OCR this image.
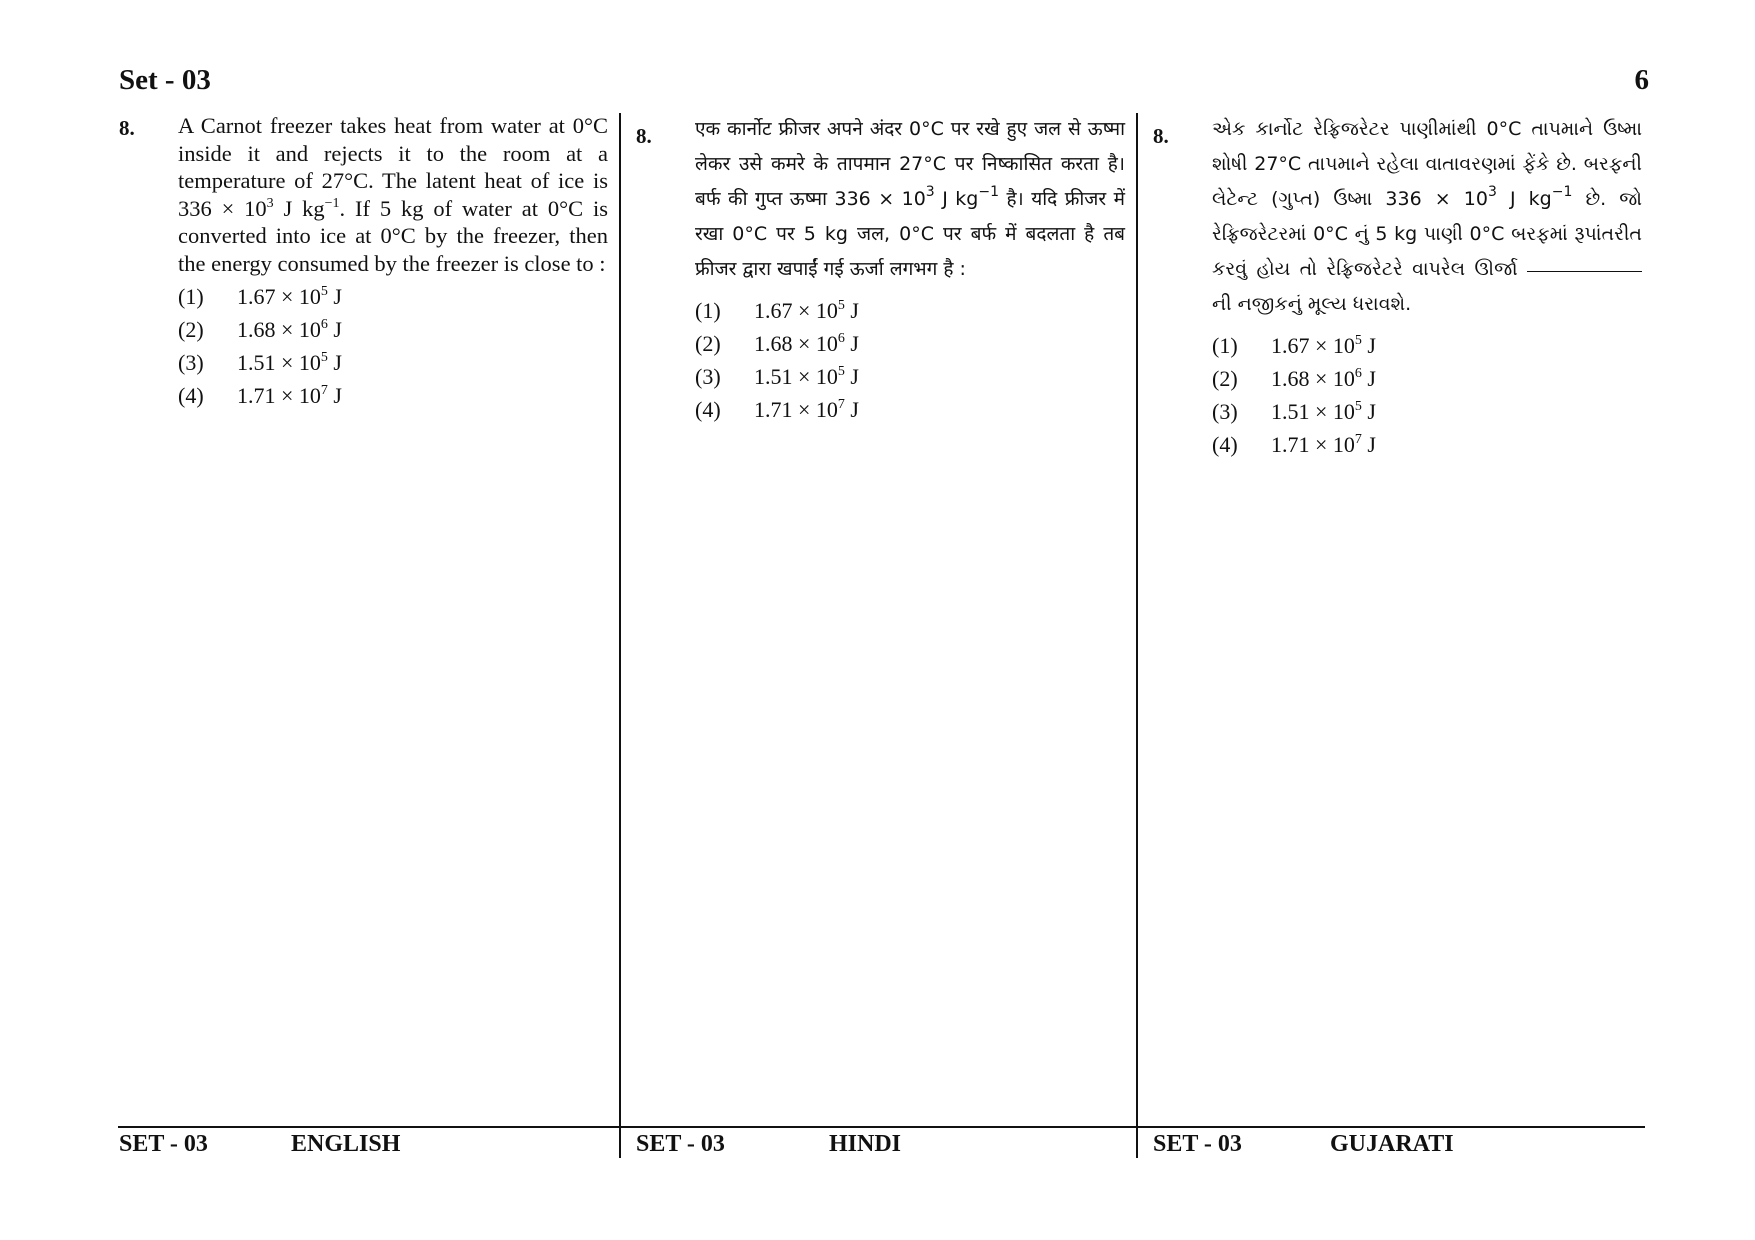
Set - 03	6
8. A Carnot freezer takes heat from water at 0°C inside it and rejects it to the room at a temperature of 27°C. The latent heat of ice is $336 \times 10^3$ J $kg^{-1}$. If 5 kg of water at 0°C is converted into ice at 0°C by the freezer, then the energy consumed by the freezer is close to :
(1)	$1.67 \times 10^5$ J
(2)	$1.68 \times 10^6$ J
(3)	$1.51 \times 10^5$ J
(4)	$1.71 \times 10^7$ J
8. एक कार्नोट फ्रीजर अपने अंदर 0°C पर रखे हुए जल से ऊष्मा लेकर उसे कमरे के तापमान 27°C पर निष्कासित करता है। बर्फ की गुप्त ऊष्मा $336 \times 10^3$ J $kg^{-1}$ है। यदि फ्रीजर में रखा 0°C पर 5 kg जल, 0°C पर बर्फ में बदलता है तब फ्रीजर द्वारा खपाईं गई ऊर्जा लगभग है :
(1)	$1.67 \times 10^5$ J
(2)	$1.68 \times 10^6$ J
(3)	$1.51 \times 10^5$ J
(4)	$1.71 \times 10^7$ J
8. એક કાર્નોટ રેફ્રિજરેટર પાણીમાંથી 0°C તાપમાને ઉષ્મા શોષી 27°C તાપમાને રહેલા વાતાવરણમાં ફેંકે છે. બરફની લેટેન્ટ (ગુપ્ત) ઉષ્મા $336 \times 10^3$ J $kg^{-1}$ છે. જો રેફ્રિજરેટરમાં 0°C નું 5 kg પાણી 0°C બરફમાં રૂપાંતરીત કરવું હોય તો રેફ્રિજરેટરે વાપરેલ ઊર્જા  ની નજીકનું મૂલ્ય ધરાવશે.
(1)	$1.67 \times 10^5$ J
(2)	$1.68 \times 10^6$ J
(3)	$1.51 \times 10^5$ J
(4)	$1.71 \times 10^7$ J
SET - 03	ENGLISH	SET - 03	HINDI	SET - 03	GUJARATI
